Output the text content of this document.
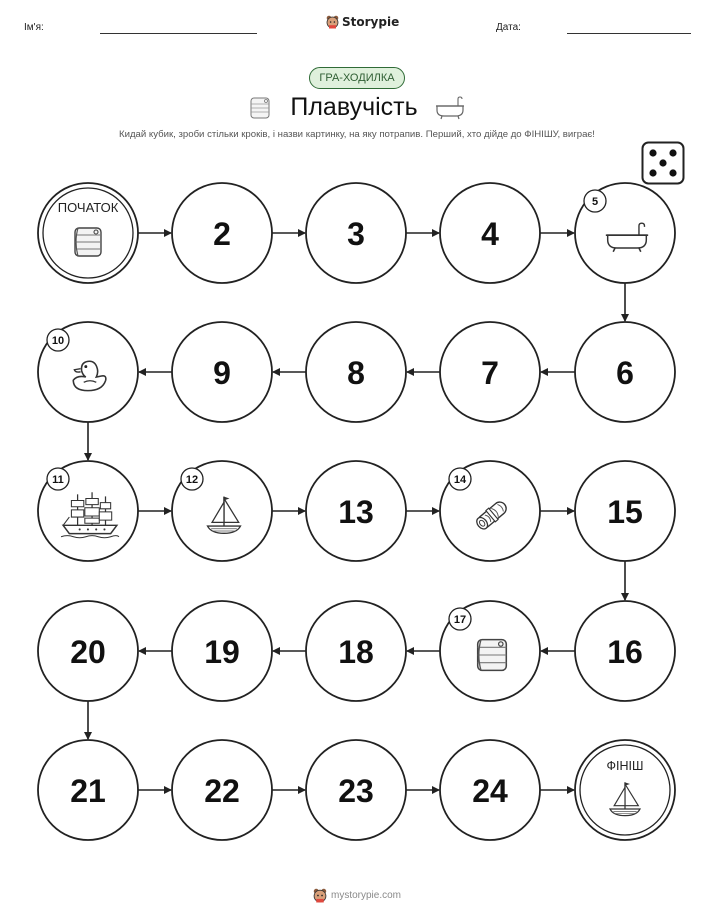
Ім'я:	Storypie	Дата:
ГРА-ХОДИЛКА
Плавучість
Кидай кубик, зроби стільки кроків, і назви картинку, на яку потрапив. Перший, хто дійде до ФІНІШУ, виграє!
ПОЧАТОК
2	3	4
5
6
7
8
9
10
11	12
13
14
15
16
17
18
19
20
21	22	23	24
ФІНІШ
mystorypie.com
